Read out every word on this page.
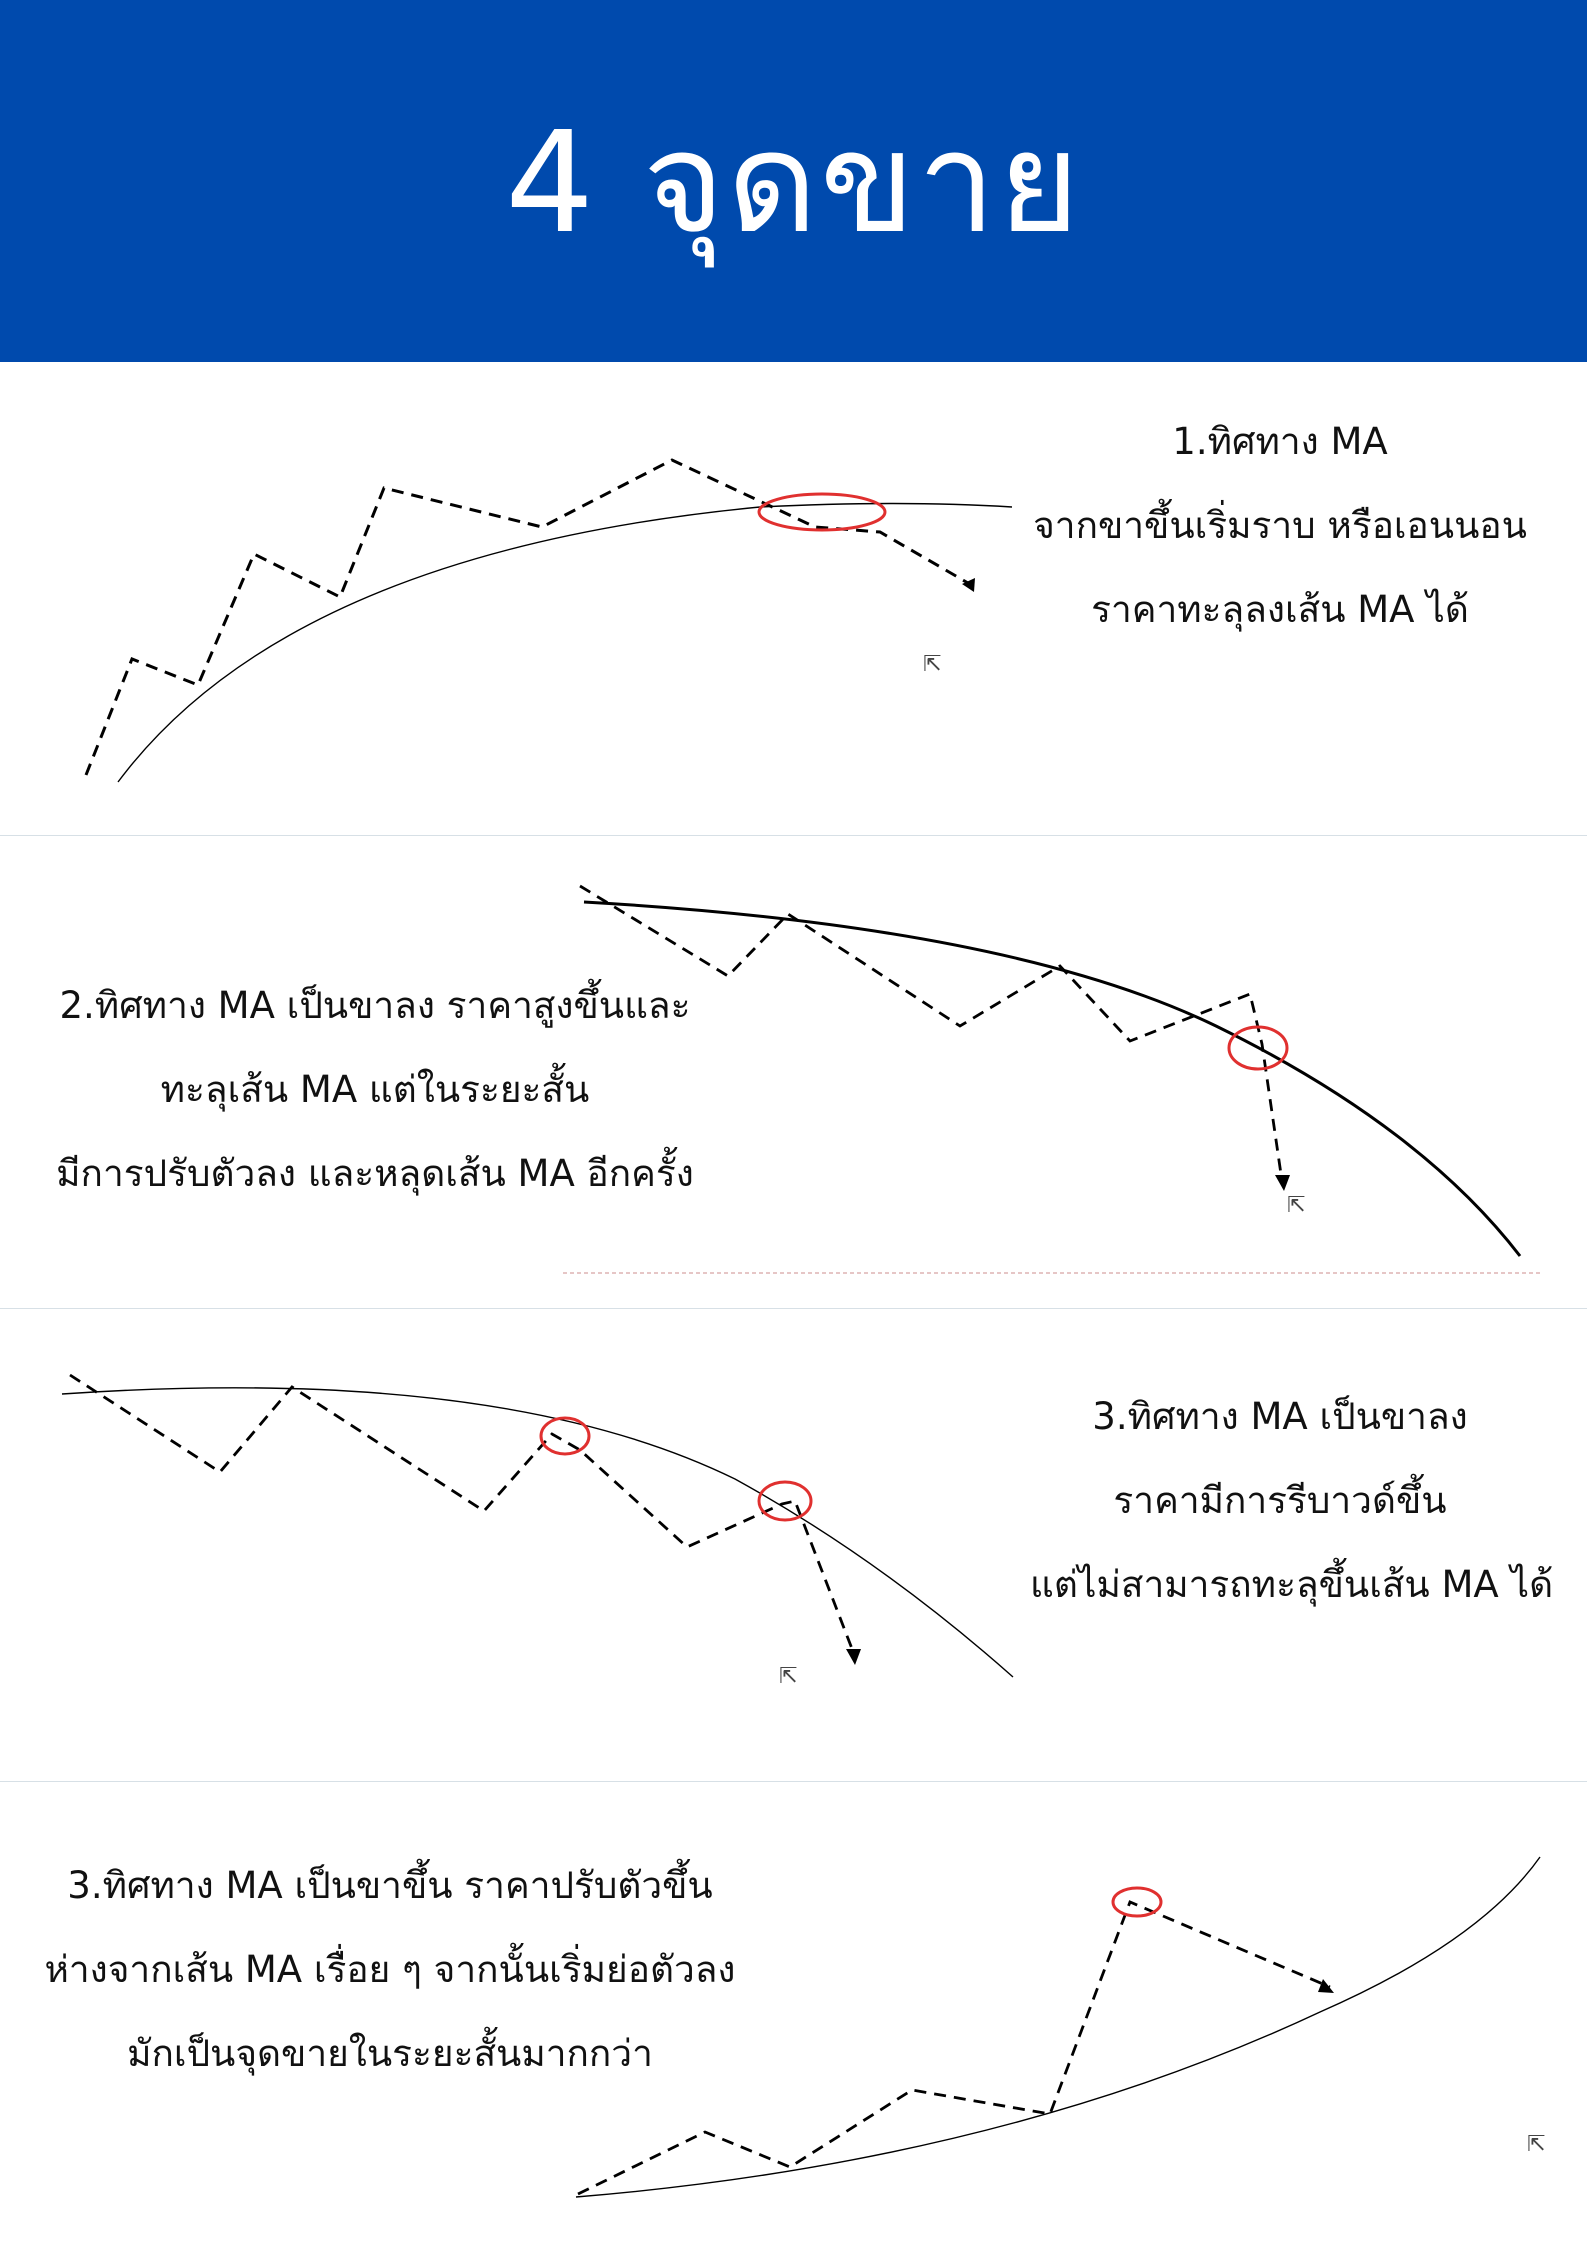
4 จุดขาย
⇱
1.ทิศทาง MA
จากขาขึ้นเริ่มราบ หรือเอนนอน
ราคาทะลุลงเส้น MA ได้
⇱
2.ทิศทาง MA เป็นขาลง ราคาสูงขึ้นและ
ทะลุเส้น MA แต่ในระยะสั้น
มีการปรับตัวลง และหลุดเส้น MA อีกครั้ง
⇱
3.ทิศทาง MA เป็นขาลง
ราคามีการรีบาวด์ขึ้น
แต่ไม่สามารถทะลุขึ้นเส้น MA ได้
⇱
3.ทิศทาง MA เป็นขาขึ้น ราคาปรับตัวขึ้น
ห่างจากเส้น MA เรื่อย ๆ จากนั้นเริ่มย่อตัวลง
มักเป็นจุดขายในระยะสั้นมากกว่า
